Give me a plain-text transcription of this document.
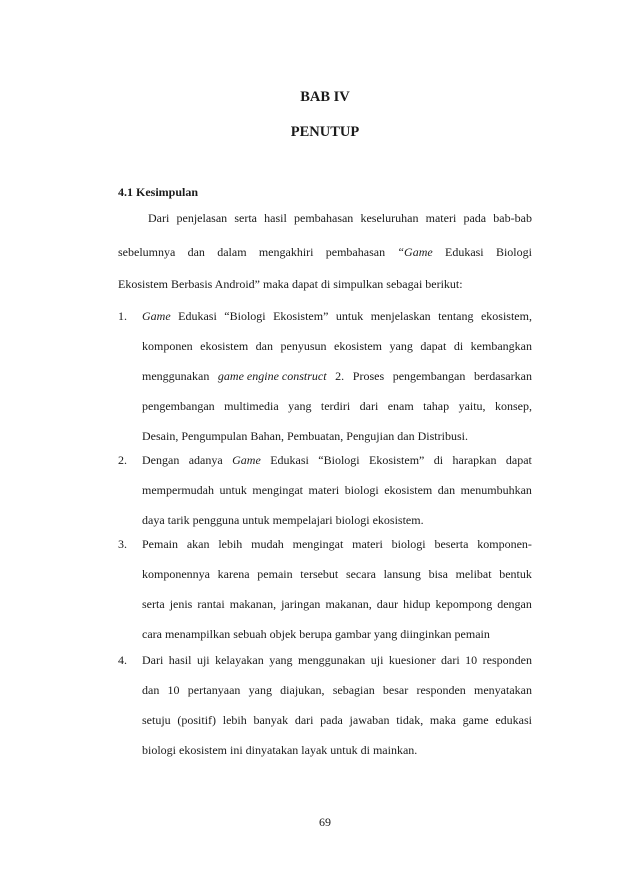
BAB IV
PENUTUP
4.1 Kesimpulan
Dari penjelasan serta hasil pembahasan keseluruhan materi pada bab-bab
sebelumnya dan dalam mengakhiri pembahasan “Game Edukasi Biologi
Ekosistem Berbasis Android” maka dapat di simpulkan sebagai berikut:
1. Game Edukasi “Biologi Ekosistem” untuk menjelaskan tentang ekosistem,
komponen ekosistem dan penyusun ekosistem yang dapat di kembangkan
menggunakan game engine construct 2. Proses pengembangan berdasarkan
pengembangan multimedia yang terdiri dari enam tahap yaitu, konsep,
Desain, Pengumpulan Bahan, Pembuatan, Pengujian dan Distribusi.
2. Dengan adanya Game Edukasi “Biologi Ekosistem” di harapkan dapat
mempermudah untuk mengingat materi biologi ekosistem dan menumbuhkan
daya tarik pengguna untuk mempelajari biologi ekosistem.
3. Pemain akan lebih mudah mengingat materi biologi beserta komponen-
komponennya karena pemain tersebut secara lansung bisa melibat bentuk
serta jenis rantai makanan, jaringan makanan, daur hidup kepompong dengan
cara menampilkan sebuah objek berupa gambar yang diinginkan pemain
4. Dari hasil uji kelayakan yang menggunakan uji kuesioner dari 10 responden
dan 10 pertanyaan yang diajukan, sebagian besar responden menyatakan
setuju (positif) lebih banyak dari pada jawaban tidak, maka game edukasi
biologi ekosistem ini dinyatakan layak untuk di mainkan.
69
